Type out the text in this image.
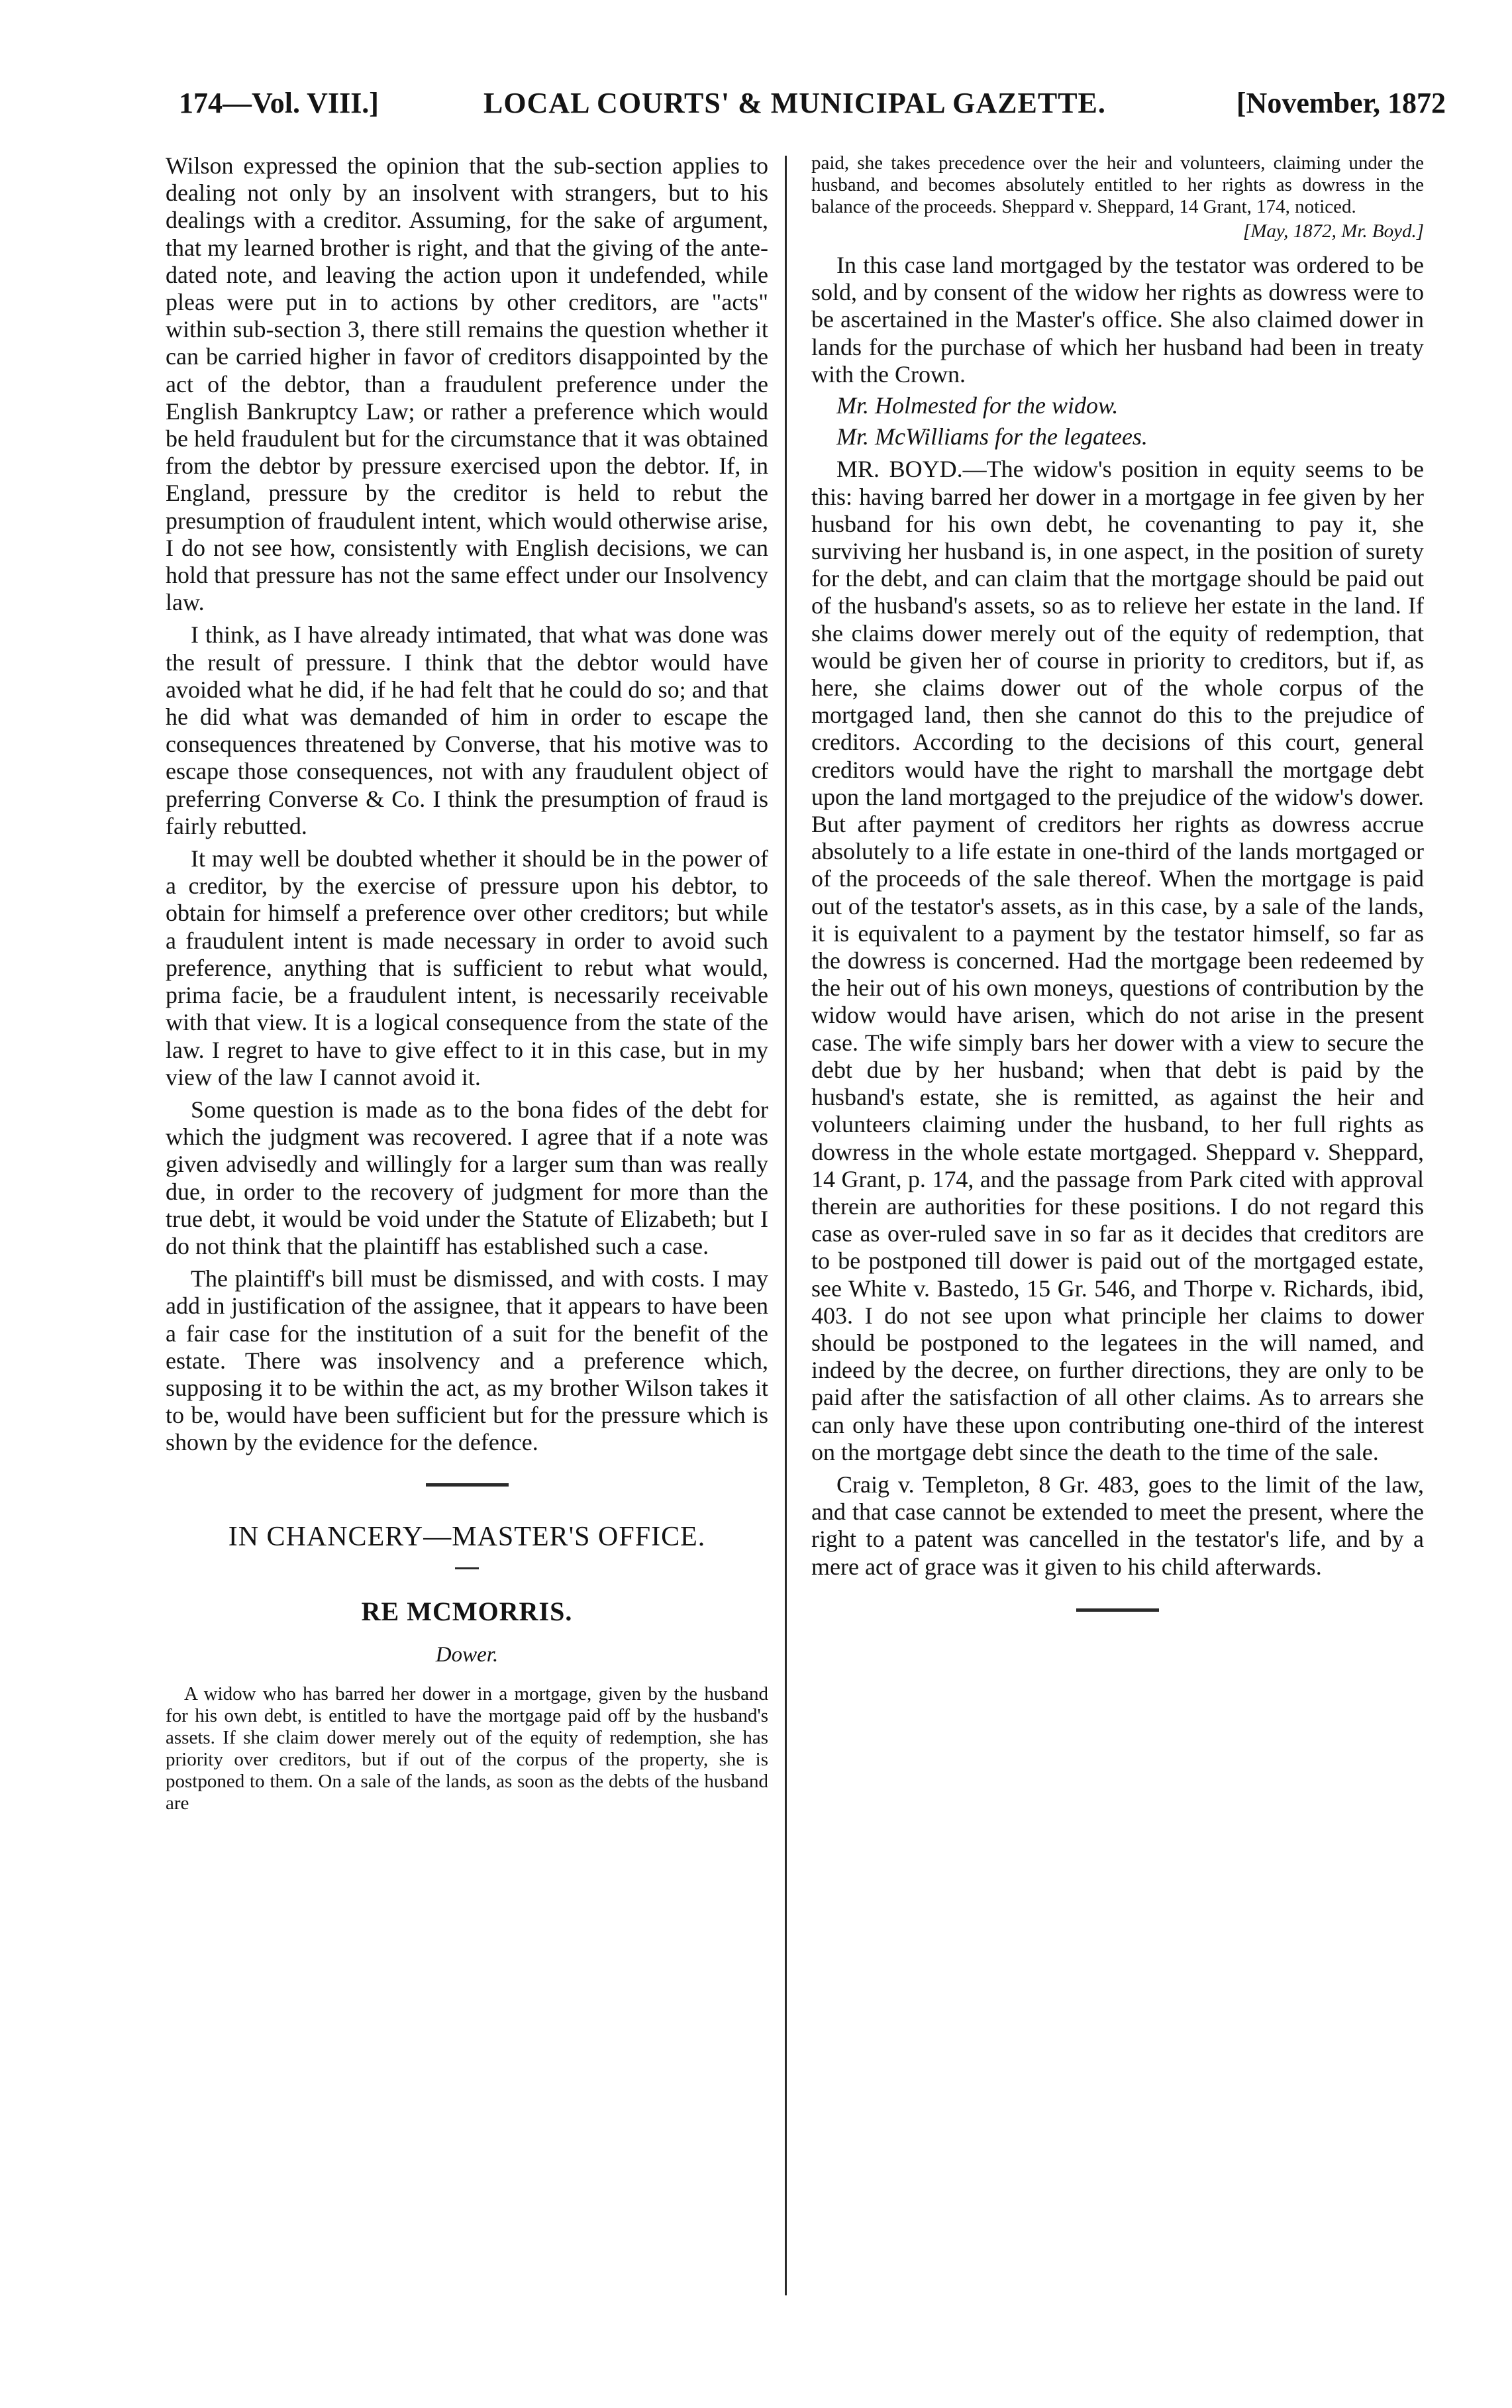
174—Vol. VIII.]	LOCAL COURTS' & MUNICIPAL GAZETTE.	[November, 1872

Wilson expressed the opinion that the sub-section applies to dealing not only by an insolvent with strangers, but to his dealings with a creditor. Assuming, for the sake of argument, that my learned brother is right, and that the giving of the ante-dated note, and leaving the action upon it undefended, while pleas were put in to actions by other creditors, are "acts" within sub-section 3, there still remains the question whether it can be carried higher in favor of creditors disappointed by the act of the debtor, than a fraudulent preference under the English Bankruptcy Law; or rather a preference which would be held fraudulent but for the circumstance that it was obtained from the debtor by pressure exercised upon the debtor. If, in England, pressure by the creditor is held to rebut the presumption of fraudulent intent, which would otherwise arise, I do not see how, consistently with English decisions, we can hold that pressure has not the same effect under our Insolvency law.

I think, as I have already intimated, that what was done was the result of pressure. I think that the debtor would have avoided what he did, if he had felt that he could do so; and that he did what was demanded of him in order to escape the consequences threatened by Converse, that his motive was to escape those consequences, not with any fraudulent object of preferring Converse & Co. I think the presumption of fraud is fairly rebutted.

It may well be doubted whether it should be in the power of a creditor, by the exercise of pressure upon his debtor, to obtain for himself a preference over other creditors; but while a fraudulent intent is made necessary in order to avoid such preference, anything that is sufficient to rebut what would, prima facie, be a fraudulent intent, is necessarily receivable with that view. It is a logical consequence from the state of the law. I regret to have to give effect to it in this case, but in my view of the law I cannot avoid it.

Some question is made as to the bona fides of the debt for which the judgment was recovered. I agree that if a note was given advisedly and willingly for a larger sum than was really due, in order to the recovery of judgment for more than the true debt, it would be void under the Statute of Elizabeth; but I do not think that the plaintiff has established such a case.

The plaintiff's bill must be dismissed, and with costs. I may add in justification of the assignee, that it appears to have been a fair case for the institution of a suit for the benefit of the estate. There was insolvency and a preference which, supposing it to be within the act, as my brother Wilson takes it to be, would have been sufficient but for the pressure which is shown by the evidence for the defence.

IN CHANCERY—MASTER'S OFFICE.
RE MCMORRIS.
Dower.

A widow who has barred her dower in a mortgage, given by the husband for his own debt, is entitled to have the mortgage paid off by the husband's assets. If she claim dower merely out of the equity of redemption, she has priority over creditors, but if out of the corpus of the property, she is postponed to them. On a sale of the lands, as soon as the debts of the husband are

paid, she takes precedence over the heir and volunteers, claiming under the husband, and becomes absolutely entitled to her rights as dowress in the balance of the proceeds. Sheppard v. Sheppard, 14 Grant, 174, noticed.

[May, 1872, Mr. Boyd.]

In this case land mortgaged by the testator was ordered to be sold, and by consent of the widow her rights as dowress were to be ascertained in the Master's office. She also claimed dower in lands for the purchase of which her husband had been in treaty with the Crown.

Mr. Holmested for the widow.

Mr. McWilliams for the legatees.

MR. BOYD.—The widow's position in equity seems to be this: having barred her dower in a mortgage in fee given by her husband for his own debt, he covenanting to pay it, she surviving her husband is, in one aspect, in the position of surety for the debt, and can claim that the mortgage should be paid out of the husband's assets, so as to relieve her estate in the land. If she claims dower merely out of the equity of redemption, that would be given her of course in priority to creditors, but if, as here, she claims dower out of the whole corpus of the mortgaged land, then she cannot do this to the prejudice of creditors. According to the decisions of this court, general creditors would have the right to marshall the mortgage debt upon the land mortgaged to the prejudice of the widow's dower. But after payment of creditors her rights as dowress accrue absolutely to a life estate in one-third of the lands mortgaged or of the proceeds of the sale thereof. When the mortgage is paid out of the testator's assets, as in this case, by a sale of the lands, it is equivalent to a payment by the testator himself, so far as the dowress is concerned. Had the mortgage been redeemed by the heir out of his own moneys, questions of contribution by the widow would have arisen, which do not arise in the present case. The wife simply bars her dower with a view to secure the debt due by her husband; when that debt is paid by the husband's estate, she is remitted, as against the heir and volunteers claiming under the husband, to her full rights as dowress in the whole estate mortgaged. Sheppard v. Sheppard, 14 Grant, p. 174, and the passage from Park cited with approval therein are authorities for these positions. I do not regard this case as over-ruled save in so far as it decides that creditors are to be postponed till dower is paid out of the mortgaged estate, see White v. Bastedo, 15 Gr. 546, and Thorpe v. Richards, ibid, 403. I do not see upon what principle her claims to dower should be postponed to the legatees in the will named, and indeed by the decree, on further directions, they are only to be paid after the satisfaction of all other claims. As to arrears she can only have these upon contributing one-third of the interest on the mortgage debt since the death to the time of the sale.

Craig v. Templeton, 8 Gr. 483, goes to the limit of the law, and that case cannot be extended to meet the present, where the right to a patent was cancelled in the testator's life, and by a mere act of grace was it given to his child afterwards.
